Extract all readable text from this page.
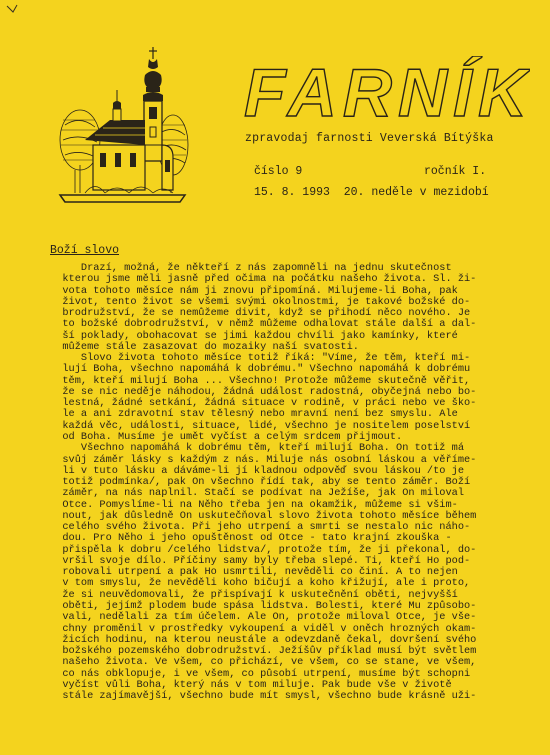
FARNÍK
zpravodaj farnosti Veverská Bítýška
číslo 9	ročník I.
15. 8. 1993 20. neděle v mezidobí
Boží slovo
Drazí, možná, že někteří z nás zapomněli na jednu skutečnost
kterou jsme měli jasně před očima na počátku našeho života. Sl. ži-
vota tohoto měsíce nám ji znovu připomíná. Milujeme-li Boha, pak
život, tento život se všemi svými okolnostmi, je takové božské do-
brodružství, že se nemůžeme divit, když se přihodí něco nového. Je
to božské dobrodružství, v němž můžeme odhalovat stále další a dal-
ší poklady, obohacovat se jimi každou chvíli jako kamínky, které
můžeme stále zasazovat do mozaiky naší svatosti.
Slovo života tohoto měsíce totiž říká: "Víme, že těm, kteří mi-
lují Boha, všechno napomáhá k dobrému." Všechno napomáhá k dobrému
těm, kteří milují Boha ... Všechno! Protože můžeme skutečně věřit,
že se nic neděje náhodou, žádná událost radostná, obyčejná nebo bo-
lestná, žádné setkání, žádná situace v rodině, v práci nebo ve ško-
le a ani zdravotní stav tělesný nebo mravní není bez smyslu. Ale
každá věc, události, situace, lidé, všechno je nositelem poselství
od Boha. Musíme je umět vyčíst a celým srdcem přijmout.
Všechno napomáhá k dobrému těm, kteří milují Boha. On totiž má
svůj záměr lásky s každým z nás. Miluje nás osobní láskou a věříme-
li v tuto lásku a dáváme-li jí kladnou odpověď svou láskou /to je
totiž podmínka/, pak On všechno řídí tak, aby se tento záměr. Boží
záměr, na nás naplnil. Stačí se podívat na Ježíše, jak On miloval
Otce. Pomyslíme-li na Něho třeba jen na okamžik, můžeme si všim-
nout, jak důsledně On uskutečňoval slovo života tohoto měsíce během
celého svého života. Při jeho utrpení a smrti se nestalo nic náho-
dou. Pro Něho i jeho opuštěnost od Otce - tato krajní zkouška -
přispěla k dobru /celého lidstva/, protože tím, že ji překonal, do-
vršil svoje dílo. Příčiny samy byly třeba slepé. Ti, kteří Ho pod-
robovali utrpení a pak Ho usmrtili, nevěděli co činí. A to nejen
v tom smyslu, že nevěděli koho bičují a koho křižují, ale i proto,
že si neuvědomovali, že přispívají k uskutečnění oběti, nejvyšší
oběti, jejímž plodem bude spása lidstva. Bolesti, které Mu způsobo-
vali, nedělali za tím účelem. Ale On, protože miloval Otce, je vše-
chny proměnil v prostředky vykoupení a viděl v oněch hrozných okam-
žicích hodinu, na kterou neustále a odevzdaně čekal, dovršení svého
božského pozemského dobrodružství. Ježíšův příklad musí být světlem
našeho života. Ve všem, co přichází, ve všem, co se stane, ve všem,
co nás obklopuje, i ve všem, co působí utrpení, musíme být schopni
vyčíst vůli Boha, který nás v tom miluje. Pak bude vše v životě
stále zajímavější, všechno bude mít smysl, všechno bude krásně uži-
